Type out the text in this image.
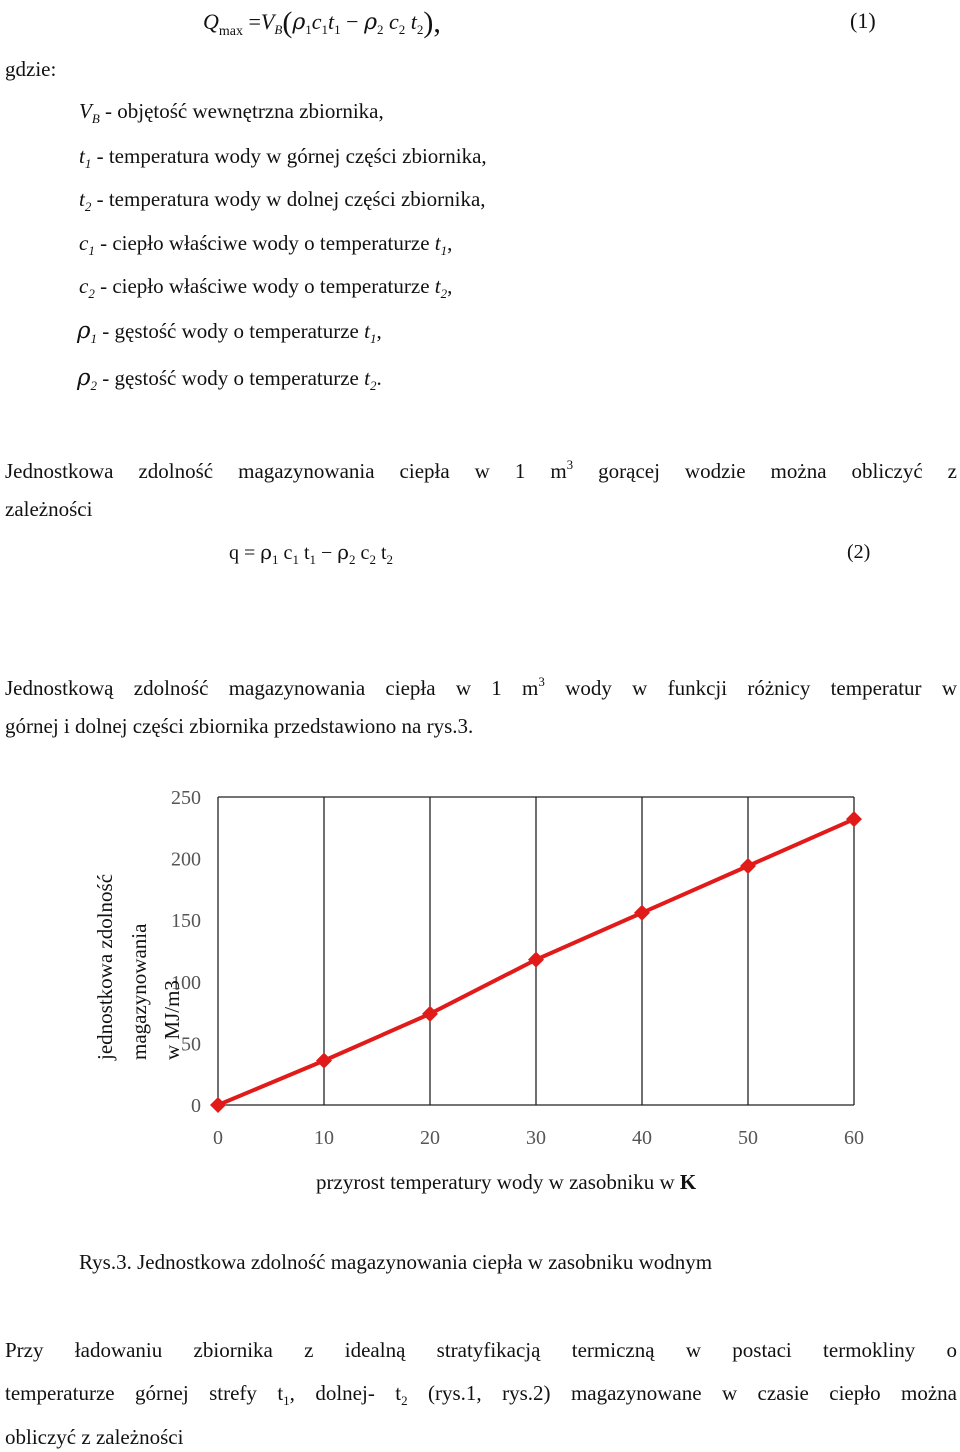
$Q_{max} =V_B(\rho_1c_1t_1 - \rho_2$ $c_2$ $t_2$),	(1)
gdzie:
$V_B$ - objętość wewnętrzna zbiornika,
$t_1$ - temperatura wody w górnej części zbiornika,
$t_2$ - temperatura wody w dolnej części zbiornika,
$c_1$ - ciepło właściwe wody o temperaturze $t_1$,
$c_2$ - ciepło właściwe wody o temperaturze $t_2$,
$\rho_1$ - gęstość wody o temperaturze $t_1$,
$\rho_2$ - gęstość wody o temperaturze $t_2$.
Jednostkowa zdolność magazynowania ciepła w 1 $m^3$ gorącej wodzie można obliczyć z
zależności
$q = \rho_1$ $c_1$ $t_1 - \rho_2$ $c_2$ $t_2$	(2)
Jednostkową zdolność magazynowania ciepła w 1 $m^3$ wody w funkcji różnicy temperatur w
górnej i dolnej części zbiornika przedstawiono na rys.3.
0
50
100
150
200
250
0	10	20	30	40	50	60
jednostkowa zdolność magazynowania w MJ/m3
przyrost temperatury wody w zasobniku w K
Rys.3. Jednostkowa zdolność magazynowania ciepła w zasobniku wodnym
Przy ładowaniu zbiornika z idealną stratyfikacją termiczną w postaci termokliny o
temperaturze górnej strefy $t_1$, dolnej- $t_2$ (rys.1, rys.2) magazynowane w czasie ciepło można
obliczyć z zależności
